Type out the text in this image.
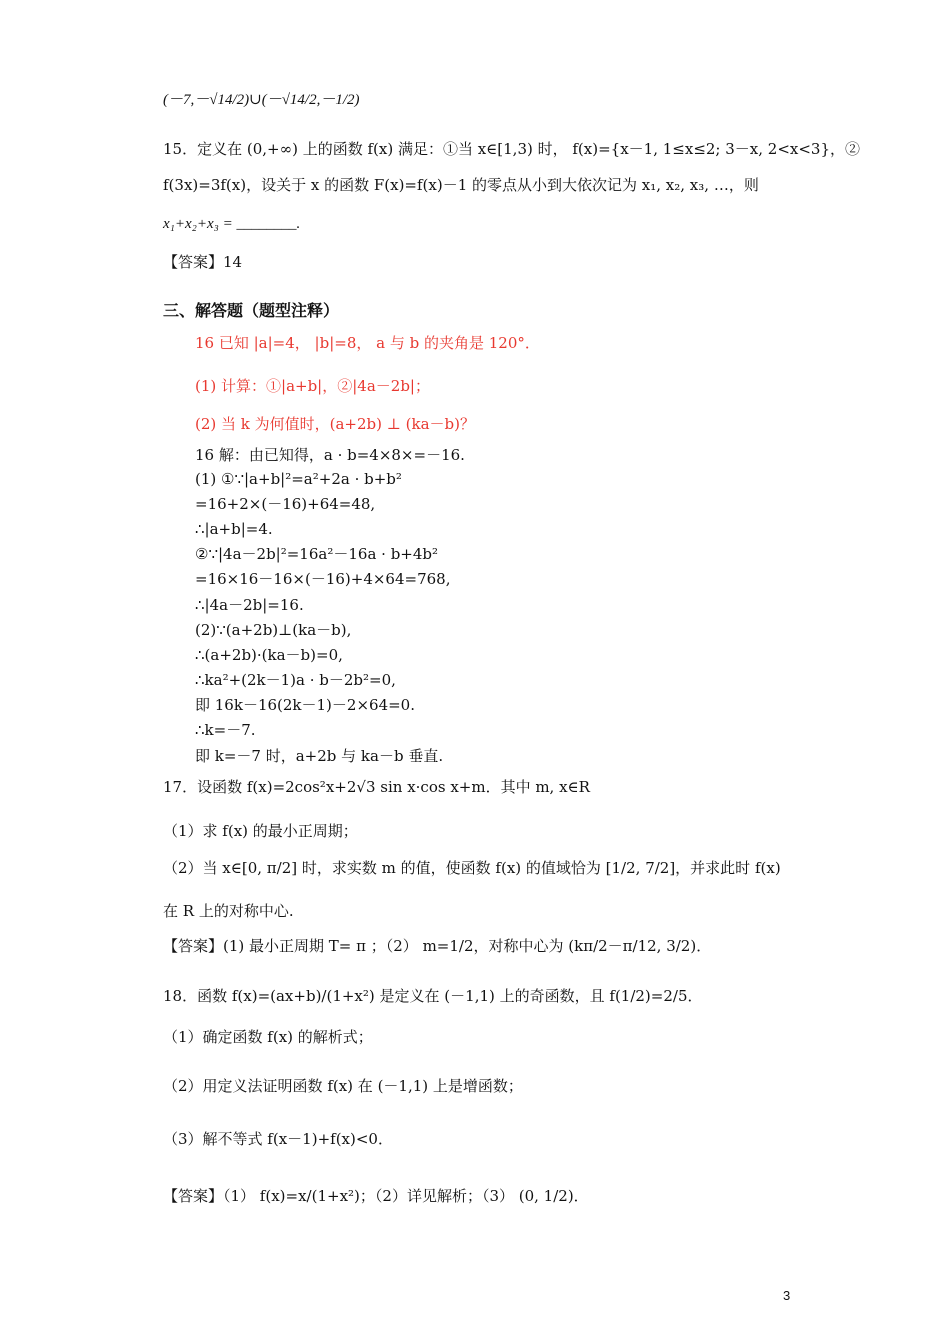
(－7,－√14/2)∪(－√14/2,－1/2)
15．定义在 (0,+∞) 上的函数 f(x) 满足：①当 x∈[1,3) 时， f(x)={x－1, 1≤x≤2; 3－x, 2<x<3}，②
f(3x)=3f(x)，设关于 x 的函数 F(x)=f(x)－1 的零点从小到大依次记为 x₁, x₂, x₃, …，则
x₁+x₂+x₃ = ________.
【答案】14
三、解答题（题型注释）
16 已知 |a|=4， |b|=8， a 与 b 的夹角是 120°．
(1) 计算：①|a+b|，②|4a－2b|；
(2) 当 k 为何值时，(a+2b) ⊥ (ka－b)？
16 解：由已知得，a · b=4×8×=－16.
(1) ①∵|a+b|²=a²+2a · b+b²
=16+2×(－16)+64=48,
∴|a+b|=4.
②∵|4a－2b|²=16a²－16a · b+4b²
=16×16－16×(－16)+4×64=768,
∴|4a－2b|=16.
(2)∵(a+2b)⊥(ka－b),
∴(a+2b)·(ka－b)=0,
∴ka²+(2k－1)a · b－2b²=0,
即 16k－16(2k－1)－2×64=0.
∴k=－7.
即 k=－7 时，a+2b 与 ka－b 垂直.
17．设函数 f(x)=2cos²x+2√3 sin x·cos x+m．其中 m, x∈R
（1）求 f(x) 的最小正周期；
（2）当 x∈[0, π/2] 时，求实数 m 的值，使函数 f(x) 的值域恰为 [1/2, 7/2]，并求此时 f(x)
在 R 上的对称中心.
【答案】(1) 最小正周期 T= π ；（2） m=1/2，对称中心为 (kπ/2－π/12, 3/2)．
18．函数 f(x)=(ax+b)/(1+x²) 是定义在 (－1,1) 上的奇函数，且 f(1/2)=2/5．
（1）确定函数 f(x) 的解析式；
（2）用定义法证明函数 f(x) 在 (－1,1) 上是增函数；
（3）解不等式 f(x－1)+f(x)<0．
【答案】（1） f(x)=x/(1+x²)；（2）详见解析；（3） (0, 1/2)．
3
